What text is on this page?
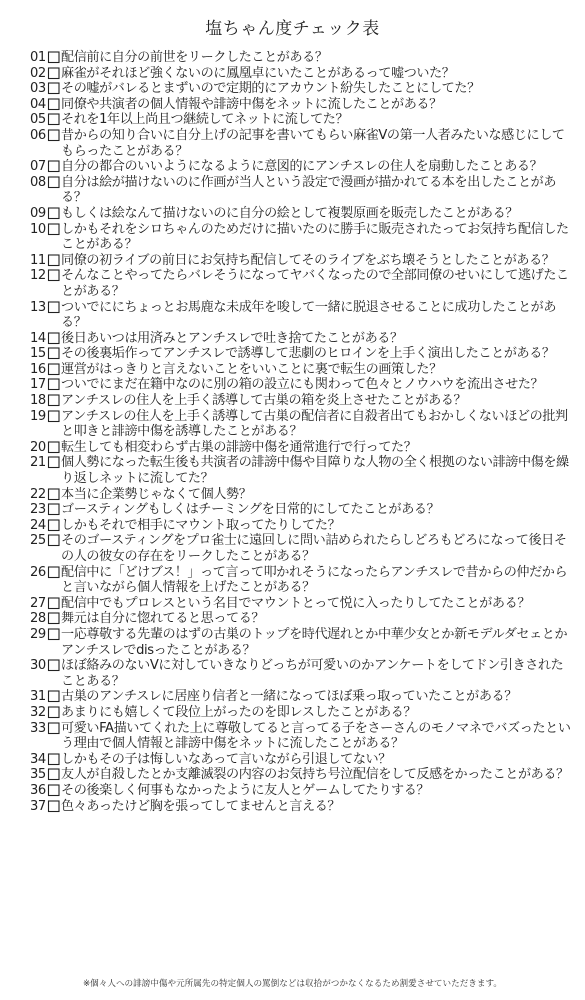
塩ちゃん度チェック表
01 配信前に自分の前世をリークしたことがある？
02 麻雀がそれほど強くないのに鳳凰卓にいたことがあるって嘘ついた？
03 その嘘がバレるとまずいので定期的にアカウント紛失したことにしてた？
04 同僚や共演者の個人情報や誹謗中傷をネットに流したことがある？
05 それを1年以上尚且つ継続してネットに流してた？
06 昔からの知り合いに自分上げの記事を書いてもらい麻雀Vの第一人者みたいな感じにしてもらったことがある？
07 自分の都合のいいようになるように意図的にアンチスレの住人を扇動したことある？
08 自分は絵が描けないのに作画が当人という設定で漫画が描かれてる本を出したことがある？
09 もしくは絵なんて描けないのに自分の絵として複製原画を販売したことがある？
10 しかもそれをシロちゃんのためだけに描いたのに勝手に販売されたってお気持ち配信したことがある？
11 同僚の初ライブの前日にお気持ち配信してそのライブをぶち壊そうとしたことがある？
12 そんなことやってたらバレそうになってヤバくなったので全部同僚のせいにして逃げたことがある？
13 ついでににちょっとお馬鹿な未成年を唆して一緒に脱退させることに成功したことがある？
14 後日あいつは用済みとアンチスレで吐き捨てたことがある？
15 その後裏垢作ってアンチスレで誘導して悲劇のヒロインを上手く演出したことがある？
16 運営がはっきりと言えないことをいいことに裏で転生の画策した？
17 ついでにまだ在籍中なのに別の箱の設立にも関わって色々とノウハウを流出させた？
18 アンチスレの住人を上手く誘導して古巣の箱を炎上させたことがある？
19 アンチスレの住人を上手く誘導して古巣の配信者に自殺者出てもおかしくないほどの批判と叩きと誹謗中傷を誘導したことがある？
20 転生しても相変わらず古巣の誹謗中傷を通常進行で行ってた？
21 個人勢になった転生後も共演者の誹謗中傷や目障りな人物の全く根拠のない誹謗中傷を繰り返しネットに流してた？
22 本当に企業勢じゃなくて個人勢？
23 ゴースティングもしくはチーミングを日常的にしてたことがある？
24 しかもそれで相手にマウント取ってたりしてた？
25 そのゴースティングをプロ雀士に遠回しに問い詰められたらしどろもどろになって後日その人の彼女の存在をリークしたことがある？
26 配信中に「どけブス！」って言って叩かれそうになったらアンチスレで昔からの仲だからと言いながら個人情報を上げたことがある？
27 配信中でもプロレスという名目でマウントとって悦に入ったりしてたことがある？
28 舞元は自分に惚れてると思ってる？
29 一応尊敬する先輩のはずの古巣のトップを時代遅れとか中華少女とか新モデルダセェとかアンチスレでdisったことがある？
30 ほぼ絡みのないVに対していきなりどっちが可愛いのかアンケートをしてドン引きされたことある？
31 古巣のアンチスレに居座り信者と一緒になってほぼ乗っ取っていたことがある？
32 あまりにも嬉しくて段位上がったのを即レスしたことがある？
33 可愛いFA描いてくれた上に尊敬してると言ってる子をさーさんのモノマネでバズったという理由で個人情報と誹謗中傷をネットに流したことがある？
34 しかもその子は悔しいなあって言いながら引退してない？
35 友人が自殺したとか支離滅裂の内容のお気持ち号泣配信をして反感をかったことがある？
36 その後楽しく何事もなかったように友人とゲームしてたりする？
37 色々あったけど胸を張ってしてませんと言える？
※個々人への誹謗中傷や元所属先の特定個人の罵倒などは収拾がつかなくなるため割愛させていただきます。
